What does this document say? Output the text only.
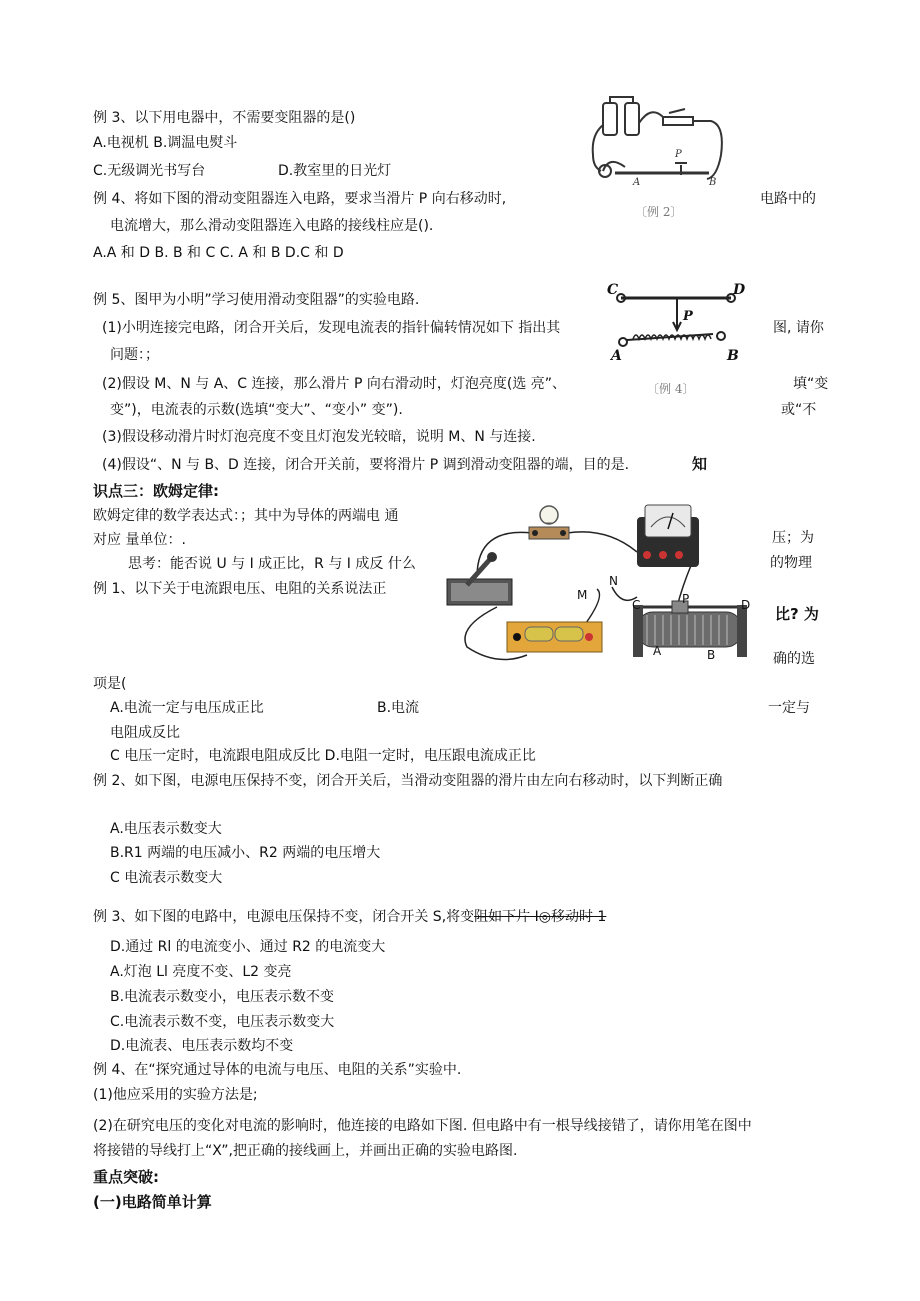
例 3、以下用电器中，不需要变阻器的是()
A.电视机 B.调温电熨斗
C.无级调光书写台	D.教室里的日光灯
例 4、将如下图的滑动变阻器连入电路，要求当滑片 P 向右移动时,	电路中的
电流增大，那么滑动变阻器连入电路的接线柱应是().
A.A 和 D B. B 和 C C. A 和 B D.C 和 D
例 5、图甲为小明”学习使用滑动变阻器”的实验电路.
(1)小明连接完电路，闭合开关后，发现电流表的指针偏转情况如下 指出其	图, 请你
问题：；
(2)假设 M、N 与 A、C 连接，那么滑片 P 向右滑动时，灯泡亮度(选 亮”、	填“变
变”)，电流表的示数(选填“变大”、“变小” 变”).	或“不
(3)假设移动滑片时灯泡亮度不变且灯泡发光较暗，说明 M、N 与连接.
(4)假设“、N 与 B、D 连接，闭合开关前，要将滑片 P 调到滑动变阻器的端，目的是.	知
识点三：欧姆定律:
欧姆定律的数学表达式：；其中为导体的两端电 通
压；为
对应 量单位：.
思考：能否说 U 与 I 成正比，R 与 I 成反 什么	的物理
例 1、以下关于电流跟电压、电阻的关系说法正
比? 为
确的选
项是(
A.电流一定与电压成正比	B.电流	一定与
电阻成反比
C 电压一定时，电流跟电阻成反比 D.电阻一定时，电压跟电流成正比
例 2、如下图，电源电压保持不变，闭合开关后，当滑动变阻器的滑片由左向右移动时，以下判断正确
A.电压表示数变大
B.R1 两端的电压减小、R2 两端的电压增大
C 电流表示数变大
例 3、如下图的电路中，电源电压保持不变，闭合开关 S,将变阻如下片 I◎移动时 1
D.通过 Rl 的电流变小、通过 R2 的电流变大
A.灯泡 Ll 亮度不变、L2 变亮
B.电流表示数变小，电压表示数不变
C.电流表示数不变，电压表示数变大
D.电流表、电压表示数均不变
例 4、在“探究通过导体的电流与电压、电阻的关系”实验中.
(1)他应采用的实验方法是;
(2)在研究电压的变化对电流的影响时，他连接的电路如下图. 但电路中有一根导线接错了，请你用笔在图中
将接错的导线打上“X”,把正确的接线画上，并画出正确的实验电路图.
重点突破:
(一)电路简单计算
A
P
B
〔例 2〕
C	D
P
A	B
〔例 4〕
N
M
C	P	D
A	B
